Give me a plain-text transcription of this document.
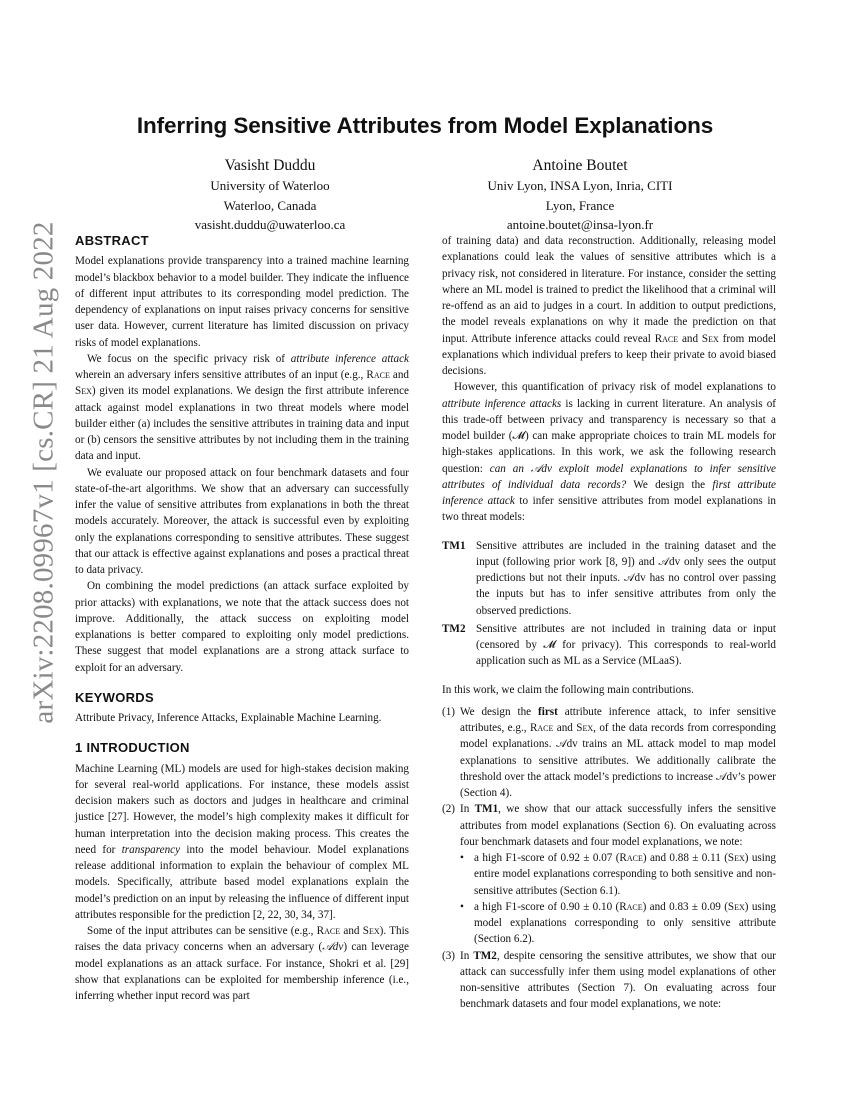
arXiv:2208.09967v1 [cs.CR] 21 Aug 2022
Inferring Sensitive Attributes from Model Explanations
Vasisht Duddu
University of Waterloo
Waterloo, Canada
vasisht.duddu@uwaterloo.ca
Antoine Boutet
Univ Lyon, INSA Lyon, Inria, CITI
Lyon, France
antoine.boutet@insa-lyon.fr
ABSTRACT

Model explanations provide transparency into a trained machine learning model’s blackbox behavior to a model builder. They indicate the influence of different input attributes to its corresponding model prediction. The dependency of explanations on input raises privacy concerns for sensitive user data. However, current literature has limited discussion on privacy risks of model explanations.

We focus on the specific privacy risk of attribute inference attack wherein an adversary infers sensitive attributes of an input (e.g., Race and Sex) given its model explanations. We design the first attribute inference attack against model explanations in two threat models where model builder either (a) includes the sensitive attributes in training data and input or (b) censors the sensitive attributes by not including them in the training data and input.

We evaluate our proposed attack on four benchmark datasets and four state-of-the-art algorithms. We show that an adversary can successfully infer the value of sensitive attributes from explanations in both the threat models accurately. Moreover, the attack is successful even by exploiting only the explanations corresponding to sensitive attributes. These suggest that our attack is effective against explanations and poses a practical threat to data privacy.

On combining the model predictions (an attack surface exploited by prior attacks) with explanations, we note that the attack success does not improve. Additionally, the attack success on exploiting model explanations is better compared to exploiting only model predictions. These suggest that model explanations are a strong attack surface to exploit for an adversary.

KEYWORDS

Attribute Privacy, Inference Attacks, Explainable Machine Learning.

1 INTRODUCTION

Machine Learning (ML) models are used for high-stakes decision making for several real-world applications. For instance, these models assist decision makers such as doctors and judges in healthcare and criminal justice [27]. However, the model’s high complexity makes it difficult for human interpretation into the decision making process. This creates the need for transparency into the model behaviour. Model explanations release additional information to explain the behaviour of complex ML models. Specifically, attribute based model explanations explain the model’s prediction on an input by releasing the influence of different input attributes responsible for the prediction [2, 22, 30, 34, 37].

Some of the input attributes can be sensitive (e.g., Race and Sex). This raises the data privacy concerns when an adversary (𝒜dv) can leverage model explanations as an attack surface. For instance, Shokri et al. [29] show that explanations can be exploited for membership inference (i.e., inferring whether input record was part

of training data) and data reconstruction. Additionally, releasing model explanations could leak the values of sensitive attributes which is a privacy risk, not considered in literature. For instance, consider the setting where an ML model is trained to predict the likelihood that a criminal will re-offend as an aid to judges in a court. In addition to output predictions, the model reveals explanations on why it made the prediction on that input. Attribute inference attacks could reveal Race and Sex from model explanations which individual prefers to keep their private to avoid biased decisions.

However, this quantification of privacy risk of model explanations to attribute inference attacks is lacking in current literature. An analysis of this trade-off between privacy and transparency is necessary so that a model builder (𝓜) can make appropriate choices to train ML models for high-stakes applications. In this work, we ask the following research question: can an 𝒜dv exploit model explanations to infer sensitive attributes of individual data records? We design the first attribute inference attack to infer sensitive attributes from model explanations in two threat models:

TM1 Sensitive attributes are included in the training dataset and the input (following prior work [8, 9]) and 𝒜dv only sees the output predictions but not their inputs. 𝒜dv has no control over passing the inputs but has to infer sensitive attributes from only the observed predictions.
TM2 Sensitive attributes are not included in training data or input (censored by 𝓜 for privacy). This corresponds to real-world application such as ML as a Service (MLaaS).

In this work, we claim the following main contributions.

(1) We design the first attribute inference attack, to infer sensitive attributes, e.g., Race and Sex, of the data records from corresponding model explanations. 𝒜dv trains an ML attack model to map model explanations to sensitive attributes. We additionally calibrate the threshold over the attack model’s predictions to increase 𝒜dv’s power (Section 4).
(2) In TM1, we show that our attack successfully infers the sensitive attributes from model explanations (Section 6). On evaluating across four benchmark datasets and four model explanations, we note:
• a high F1-score of 0.92 ± 0.07 (Race) and 0.88 ± 0.11 (Sex) using entire model explanations corresponding to both sensitive and non-sensitive attributes (Section 6.1).
• a high F1-score of 0.90 ± 0.10 (Race) and 0.83 ± 0.09 (Sex) using model explanations corresponding to only sensitive attribute (Section 6.2).
(3) In TM2, despite censoring the sensitive attributes, we show that our attack can successfully infer them using model explanations of other non-sensitive attributes (Section 7). On evaluating across four benchmark datasets and four model explanations, we note:
